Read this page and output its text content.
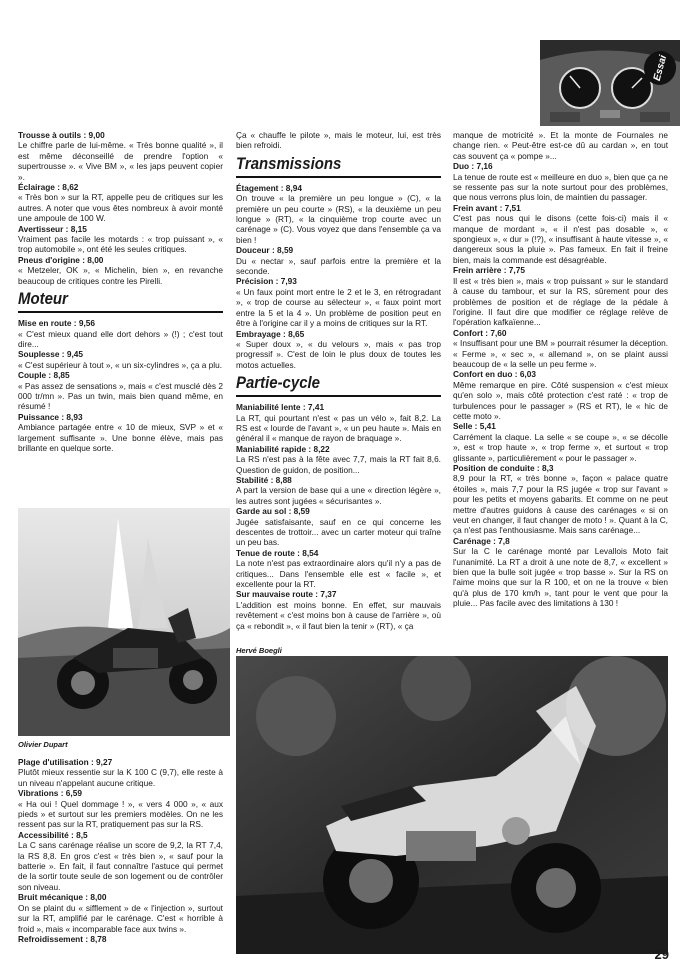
Essai
Trousse à outils : 9,00

Le chiffre parle de lui-même. « Très bonne qualité », il est même déconseillé de prendre l'option « supertrousse ». « Vive BM », « les japs peuvent copier ».

Éclairage : 8,62

« Très bon » sur la RT, appelle peu de critiques sur les autres. A noter que vous êtes nombreux à avoir monté une ampoule de 100 W.

Avertisseur : 8,15

Vraiment pas facile les motards : « trop puissant », « trop automobile », ont été les seules critiques.

Pneus d'origine : 8,00

« Metzeler, OK », « Michelin, bien », en revanche beaucoup de critiques contre les Pirelli.

Moteur
Mise en route : 9,56

« C'est mieux quand elle dort dehors » (!) ; c'est tout dire...

Souplesse : 9,45

« C'est supérieur à tout », « un six-cylindres », ça a plu.

Couple : 8,85

« Pas assez de sensations », mais « c'est musclé dès 2 000 tr/mn ». Pas un twin, mais bien quand même, en résumé !

Puissance : 8,93

Ambiance partagée entre « 10 de mieux, SVP » et « largement suffisante ». Une bonne élève, mais pas brillante en quelque sorte.

Olivier Dupart
Plage d'utilisation : 9,27

Plutôt mieux ressentie sur la K 100 C (9,7), elle reste à un niveau n'appelant aucune critique.

Vibrations : 6,59

« Ha oui ! Quel dommage ! », « vers 4 000 », « aux pieds » et surtout sur les premiers modèles. On ne les ressent pas sur la RT, pratiquement pas sur la RS.

Accessibilité : 8,5

La C sans carénage réalise un score de 9,2, la RT 7,4, la RS 8,8. En gros c'est « très bien », « sauf pour la batterie ». En fait, il faut connaître l'astuce qui permet de la sortir toute seule de son logement ou de contrôler son niveau.

Bruit mécanique : 8,00

On se plaint du « sifflement » de « l'injection », surtout sur la RT, amplifié par le carénage. C'est « horrible à froid », mais « incomparable face aux twins ».

Refroidissement : 8,78

Ça « chauffe le pilote », mais le moteur, lui, est très bien refroidi.

Transmissions
Étagement : 8,94

On trouve « la première un peu longue » (C), « la première un peu courte » (RS), « la deuxième un peu longue » (RT), « la cinquième trop courte avec un carénage » (C). Vous voyez que dans l'ensemble ça va bien !

Douceur : 8,59

Du « nectar », sauf parfois entre la première et la seconde.

Précision : 7,93

« Un faux point mort entre le 2 et le 3, en rétrogradant », « trop de course au sélecteur », « faux point mort entre la 5 et la 4 ». Un problème de position peut en être à l'origine car il y a moins de critiques sur la RT.

Embrayage : 8,65

« Super doux », « du velours », mais « pas trop progressif ». C'est de loin le plus doux de toutes les motos actuelles.

Partie-cycle
Maniabilité lente : 7,41

La RT, qui pourtant n'est « pas un vélo », fait 8,2. La RS est « lourde de l'avant », « un peu haute ». Mais en général il « manque de rayon de braquage ».

Maniabilité rapide : 8,22

La RS n'est pas à la fête avec 7,7, mais la RT fait 8,6. Question de guidon, de position...

Stabilité : 8,88

A part la version de base qui a une « direction légère », les autres sont jugées « sécurisantes ».

Garde au sol : 8,59

Jugée satisfaisante, sauf en ce qui concerne les descentes de trottoir... avec un carter moteur qui traîne un peu bas.

Tenue de route : 8,54

La note n'est pas extraordinaire alors qu'il n'y a pas de critiques... Dans l'ensemble elle est « facile », et excellente pour la RT.

Sur mauvaise route : 7,37

L'addition est moins bonne. En effet, sur mauvais revêtement « c'est moins bon à cause de l'arrière », où ça « rebondit », « il faut bien la tenir » (RT), « ça

Hervé Boegli

manque de motricité ». Et la monte de Fournales ne change rien. « Peut-être est-ce dû au cardan », en tout cas souvent ça « pompe »...

Duo : 7,16

La tenue de route est « meilleure en duo », bien que ça ne se ressente pas sur la note surtout pour des problèmes, que nous verrons plus loin, de maintien du passager.

Frein avant : 7,51

C'est pas nous qui le disons (cette fois-ci) mais il « manque de mordant », « il n'est pas dosable », « spongieux », « dur » (!?), « insuffisant à haute vitesse », « dangereux sous la pluie ». Pas fameux. En fait il freine bien, mais la commande est désagréable.

Frein arrière : 7,75

Il est « très bien », mais « trop puissant » sur le standard à cause du tambour, et sur la RS, sûrement pour des problèmes de position et de réglage de la pédale à l'origine. Il faut dire que modifier ce réglage relève de l'opération kafkaïenne...

Confort : 7,60

« Insuffisant pour une BM » pourrait résumer la déception. « Ferme », « sec », « allemand », on se plaint aussi beaucoup de « la selle un peu ferme ».

Confort en duo : 6,03

Même remarque en pire. Côté suspension « c'est mieux qu'en solo », mais côté protection c'est raté : « trop de turbulences pour le passager » (RS et RT), le « hic de cette moto ».

Selle : 5,41

Carrément la claque. La selle « se coupe », « se décolle », est « trop haute », « trop ferme », et surtout « trop glissante », particulièrement « pour le passager ».

Position de conduite : 8,3

8,9 pour la RT, « très bonne », façon « palace quatre étoiles », mais 7,7 pour la RS jugée « trop sur l'avant » pour les petits et moyens gabarits. Et comme on ne peut mettre d'autres guidons à cause des carénages « si on veut en changer, il faut changer de moto ! ». Quant à la C, ça n'est pas l'enthousiasme. Mais sans carénage...

Carénage : 7,8

Sur la C le carénage monté par Levallois Moto fait l'unanimité. La RT a droit à une note de 8,7, « excellent » bien que la bulle soit jugée « trop basse ». Sur la RS on l'aime moins que sur la R 100, et on ne la trouve « bien qu'à plus de 170 km/h », tant pour le vent que pour la pluie... Pas facile avec des limitations à 130 !

29
